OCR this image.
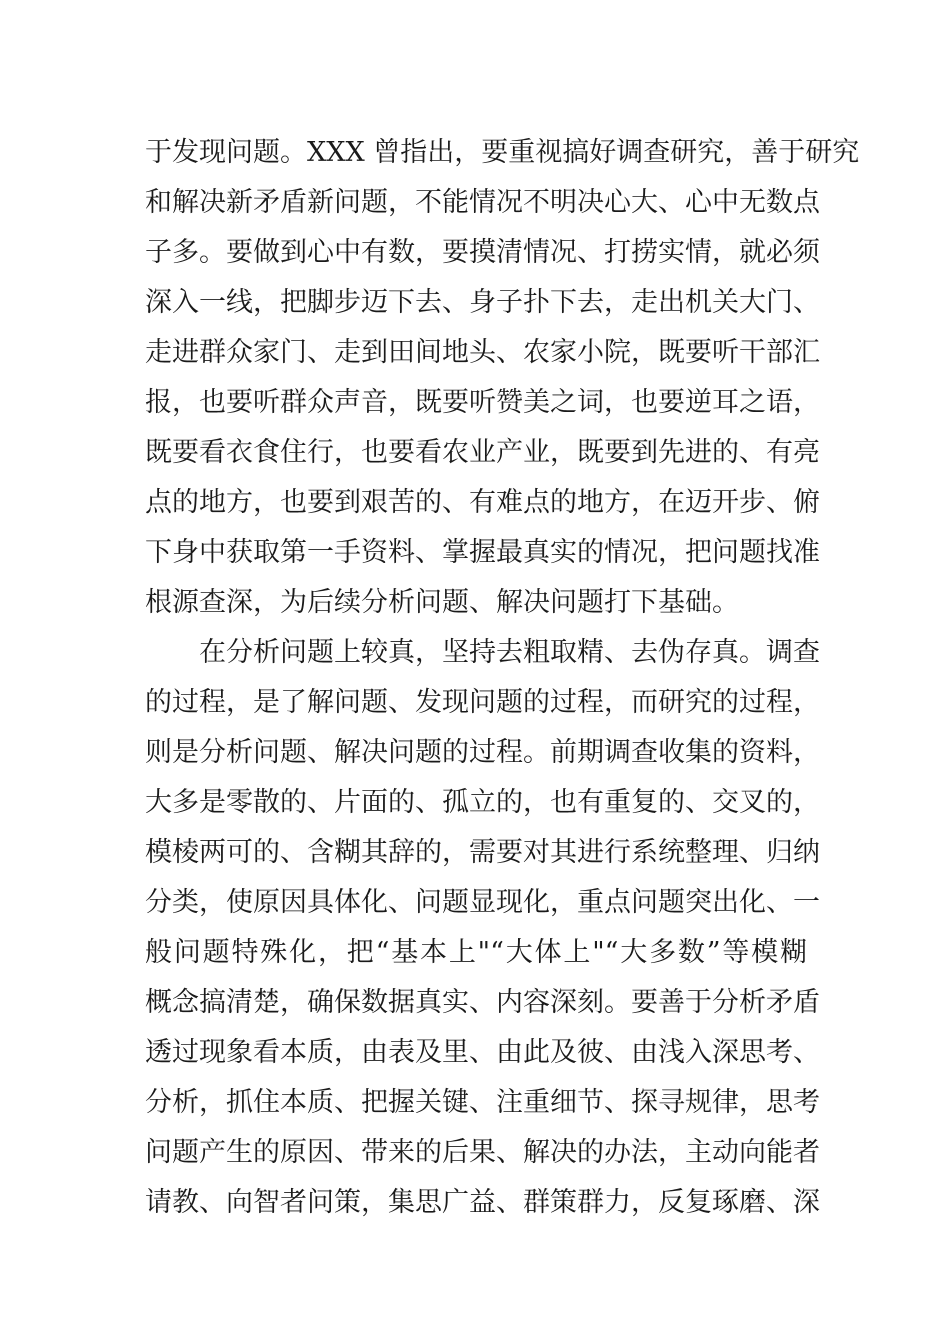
于发现问题。XXX 曾指出，要重视搞好调查研究，善于研究
和解决新矛盾新问题，不能情况不明决心大、心中无数点
子多。要做到心中有数，要摸清情况、打捞实情，就必须
深入一线，把脚步迈下去、身子扑下去，走出机关大门、
走进群众家门、走到田间地头、农家小院，既要听干部汇
报，也要听群众声音，既要听赞美之词，也要逆耳之语，
既要看衣食住行，也要看农业产业，既要到先进的、有亮
点的地方，也要到艰苦的、有难点的地方，在迈开步、俯
下身中获取第一手资料、掌握最真实的情况，把问题找准
根源查深，为后续分析问题、解决问题打下基础。
在分析问题上较真，坚持去粗取精、去伪存真。调查
的过程，是了解问题、发现问题的过程，而研究的过程，
则是分析问题、解决问题的过程。前期调查收集的资料，
大多是零散的、片面的、孤立的，也有重复的、交叉的，
模棱两可的、含糊其辞的，需要对其进行系统整理、归纳
分类，使原因具体化、问题显现化，重点问题突出化、一
般问题特殊化，把“基本上"“大体上"“大多数”等模糊
概念搞清楚，确保数据真实、内容深刻。要善于分析矛盾
透过现象看本质，由表及里、由此及彼、由浅入深思考、
分析，抓住本质、把握关键、注重细节、探寻规律，思考
问题产生的原因、带来的后果、解决的办法，主动向能者
请教、向智者问策，集思广益、群策群力，反复琢磨、深
